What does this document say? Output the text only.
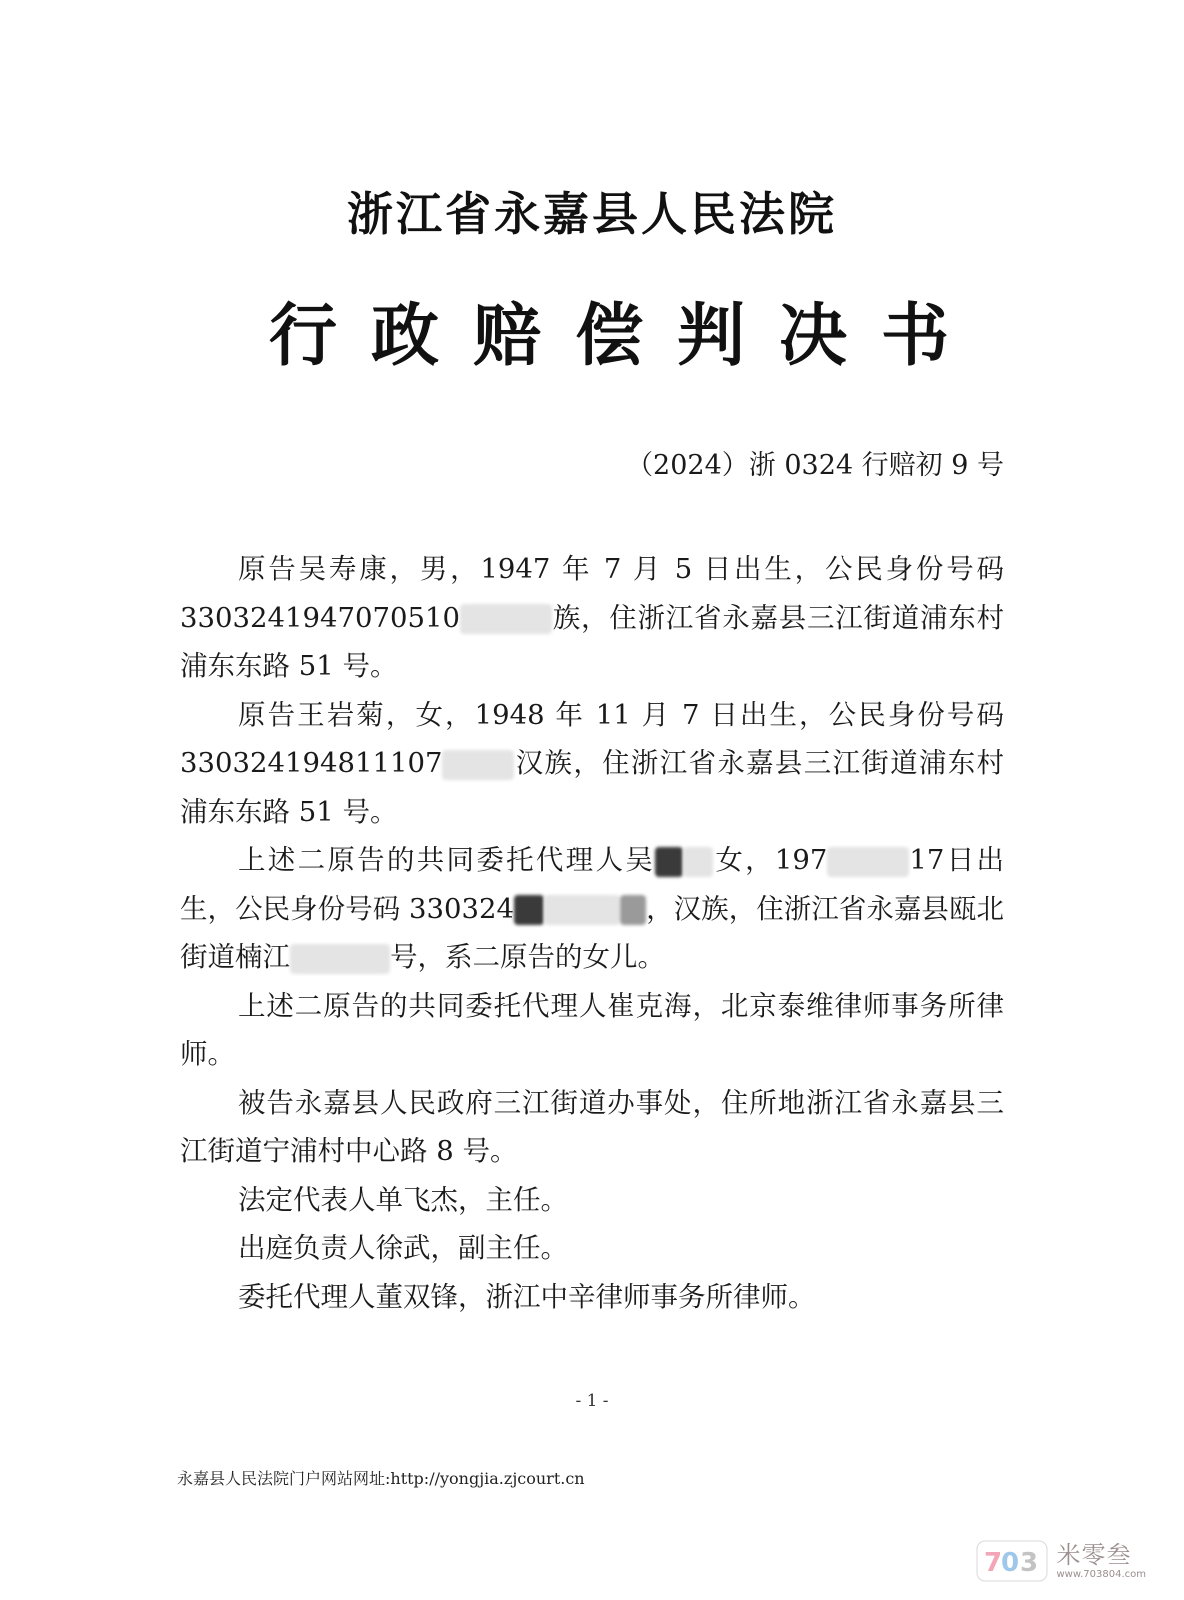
浙江省永嘉县人民法院
行政赔偿判决书
（2024）浙 0324 行赔初 9 号

原告吴寿康，男，1947 年 7 月 5 日出生，公民身份号码 3303241947070510	族，住浙江省永嘉县三江街道浦东村浦东东路 51 号。

原告王岩菊，女，1948 年 11 月 7 日出生，公民身份号码 330324194811107	汉族，住浙江省永嘉县三江街道浦东村浦东东路 51 号。

上述二原告的共同委托代理人吴 女，197	17日出生，公民身份号码 330324	，汉族，住浙江省永嘉县瓯北街道楠江	号，系二原告的女儿。

上述二原告的共同委托代理人崔克海，北京泰维律师事务所律师。

被告永嘉县人民政府三江街道办事处，住所地浙江省永嘉县三江街道宁浦村中心路 8 号。

法定代表人单飞杰，主任。

出庭负责人徐武，副主任。

委托代理人董双锋，浙江中辛律师事务所律师。

- 1 -
永嘉县人民法院门户网站网址:http://yongjia.zjcourt.cn
7
0 3 米零叁
www.703804.com
